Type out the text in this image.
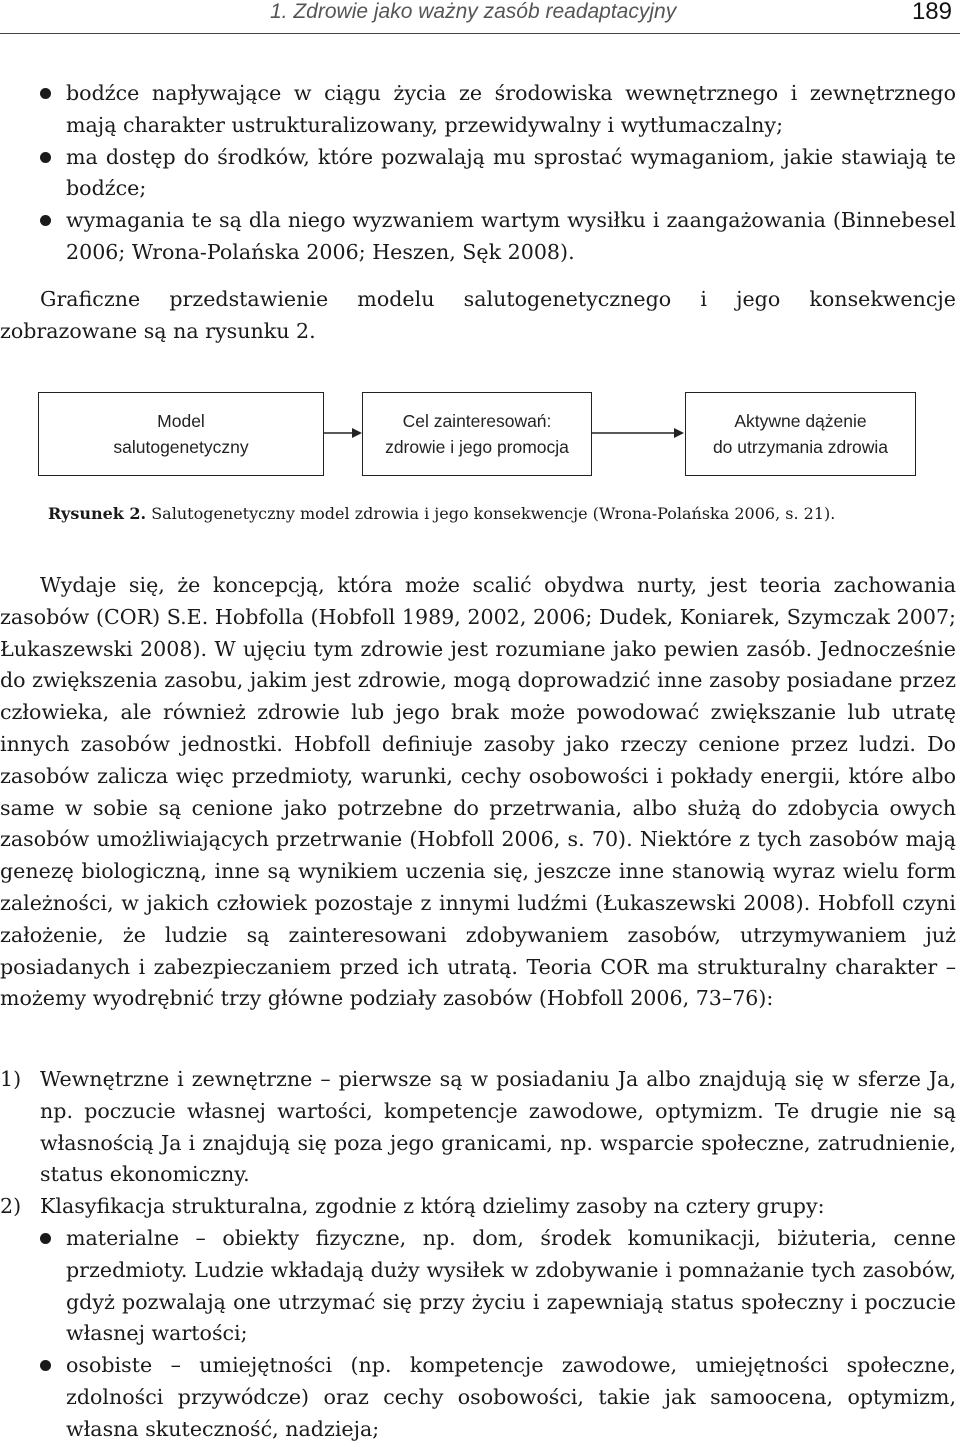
1. Zdrowie jako ważny zasób readaptacyjny	189
bodźce napływające w ciągu życia ze środowiska wewnętrznego i zewnętrznego mają charakter ustrukturalizowany, przewidywalny i wytłumaczalny;
ma dostęp do środków, które pozwalają mu sprostać wymaganiom, jakie stawiają te bodźce;
wymagania te są dla niego wyzwaniem wartym wysiłku i zaangażowania (Binnebesel 2006; Wrona-Polańska 2006; Heszen, Sęk 2008).
Graficzne przedstawienie modelu salutogenetycznego i jego konsekwencje zobrazowane są na rysunku 2.
Model
salutogenetyczny
Cel zainteresowań:
zdrowie i jego promocja
Aktywne dążenie
do utrzymania zdrowia
Rysunek 2. Salutogenetyczny model zdrowia i jego konsekwencje (Wrona-Polańska 2006, s. 21).
Wydaje się, że koncepcją, która może scalić obydwa nurty, jest teoria zachowania zasobów (COR) S.E. Hobfolla (Hobfoll 1989, 2002, 2006; Dudek, Koniarek, Szymczak 2007; Łukaszewski 2008). W ujęciu tym zdrowie jest rozumiane jako pewien zasób. Jednocześnie do zwiększenia zasobu, jakim jest zdrowie, mogą doprowadzić inne zasoby posiadane przez człowieka, ale również zdrowie lub jego brak może powodować zwiększanie lub utratę innych zasobów jednostki. Hobfoll definiuje zasoby jako rzeczy cenione przez ludzi. Do zasobów zalicza więc przedmioty, warunki, cechy osobowości i pokłady energii, które albo same w sobie są cenione jako potrzebne do przetrwania, albo służą do zdobycia owych zasobów umożliwiających przetrwanie (Hobfoll 2006, s. 70). Niektóre z tych zasobów mają genezę biologiczną, inne są wynikiem uczenia się, jeszcze inne stanowią wyraz wielu form zależności, w jakich człowiek pozostaje z innymi ludźmi (Łukaszewski 2008). Hobfoll czyni założenie, że ludzie są zainteresowani zdobywaniem zasobów, utrzymywaniem już posiadanych i zabezpieczaniem przed ich utratą. Teoria COR ma strukturalny charakter – możemy wyodrębnić trzy główne podziały zasobów (Hobfoll 2006, 73–76):
1) Wewnętrzne i zewnętrzne – pierwsze są w posiadaniu Ja albo znajdują się w sferze Ja, np. poczucie własnej wartości, kompetencje zawodowe, optymizm. Te drugie nie są własnością Ja i znajdują się poza jego granicami, np. wsparcie społeczne, zatrudnienie, status ekonomiczny.
2) Klasyfikacja strukturalna, zgodnie z którą dzielimy zasoby na cztery grupy:
materialne – obiekty fizyczne, np. dom, środek komunikacji, biżuteria, cenne przedmioty. Ludzie wkładają duży wysiłek w zdobywanie i pomnażanie tych zasobów, gdyż pozwalają one utrzymać się przy życiu i zapewniają status społeczny i poczucie własnej wartości;
osobiste – umiejętności (np. kompetencje zawodowe, umiejętności społeczne, zdolności przywódcze) oraz cechy osobowości, takie jak samoocena, optymizm, własna skuteczność, nadzieja;
